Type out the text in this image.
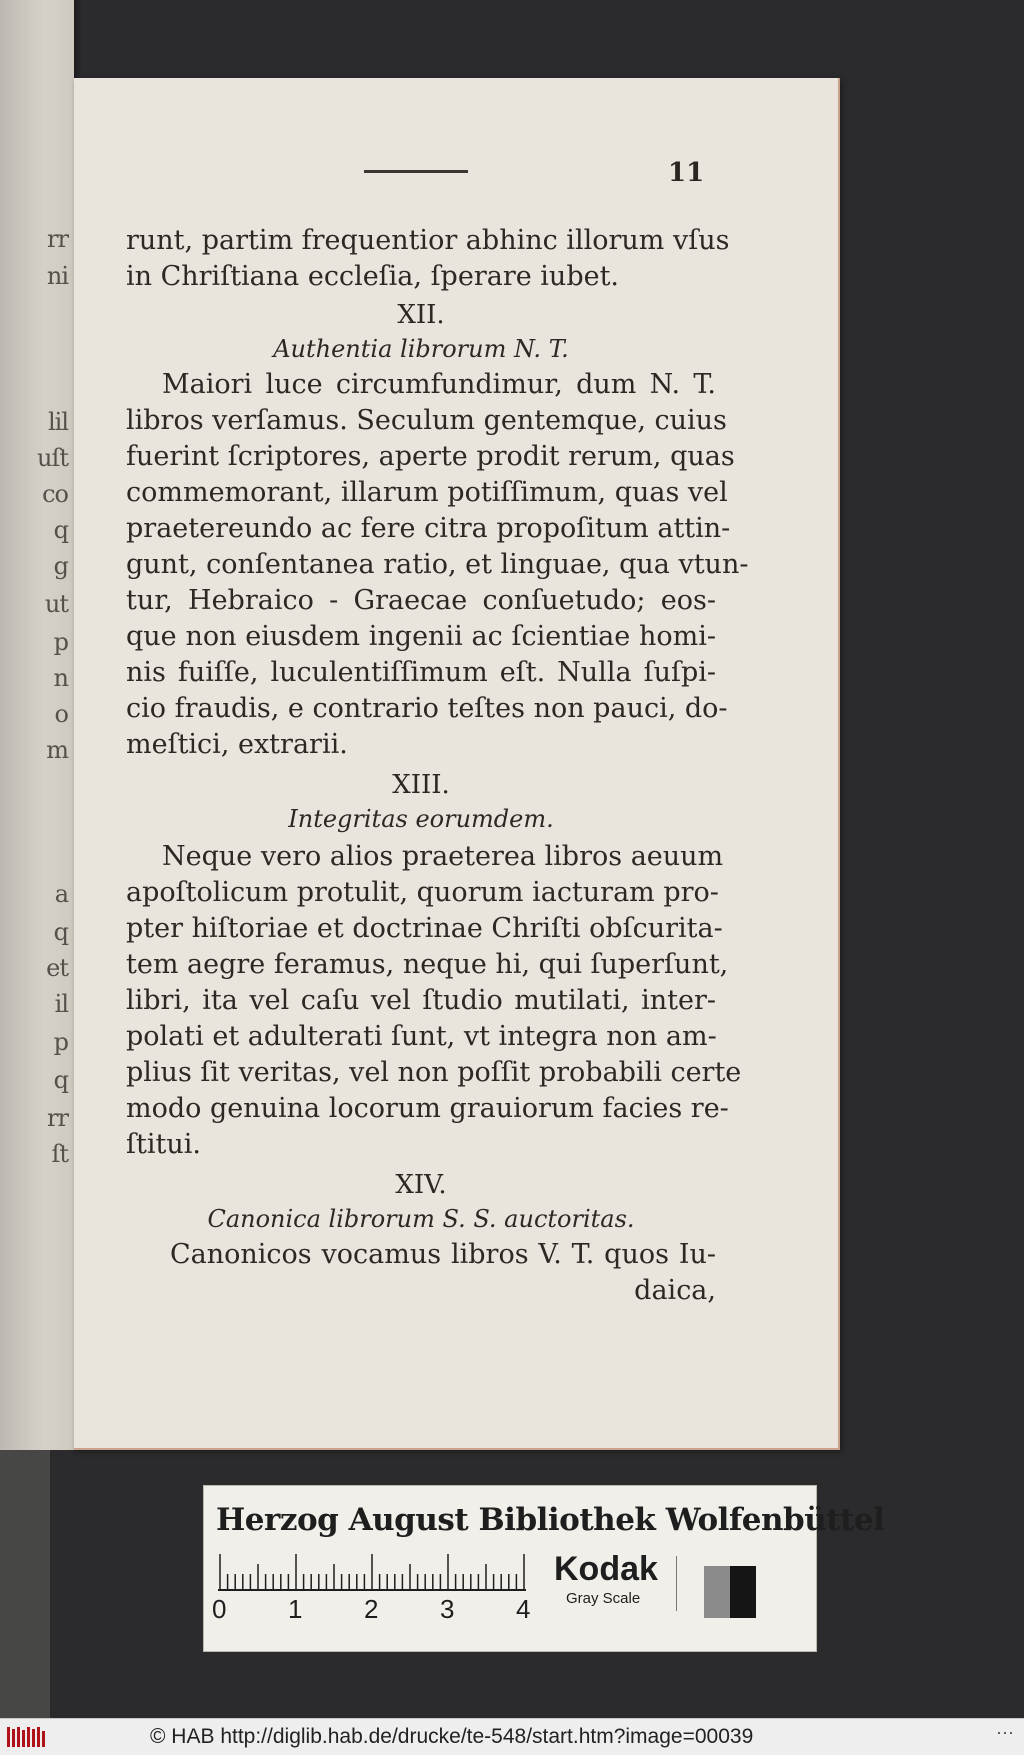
rr
ni
lil
uſt
co
q
g
ut
p
n
o
m
a
q
et
il
p
q
rr
ſt
11
runt, partim frequentior abhinc illorum vſus
in Chriſtiana eccleſia, ſperare iubet.
XII.
Authentia librorum N. T.
Maiori luce circumfundimur, dum N. T.
libros verſamus. Seculum gentemque, cuius
fuerint ſcriptores, aperte prodit rerum, quas
commemorant, illarum potiſſimum, quas vel
praetereundo ac fere citra propoſitum attin-
gunt, conſentanea ratio, et linguae, qua vtun-
tur, Hebraico - Graecae conſuetudo; eos-
que non eiusdem ingenii ac ſcientiae homi-
nis fuiſſe, luculentiſſimum eſt. Nulla ſuſpi-
cio fraudis, e contrario teſtes non pauci, do-
meſtici, extrarii.
XIII.
Integritas eorumdem.
Neque vero alios praeterea libros aeuum
apoſtolicum protulit, quorum iacturam pro-
pter hiſtoriae et doctrinae Chriſti obſcurita-
tem aegre feramus, neque hi, qui ſuperſunt,
libri, ita vel caſu vel ſtudio mutilati, inter-
polati et adulterati ſunt, vt integra non am-
plius ſit veritas, vel non poſſit probabili certe
modo genuina locorum grauiorum facies re-
ſtitui.
XIV.
Canonica librorum S. S. auctoritas.
Canonicos vocamus libros V. T. quos Iu-
daica,
Herzog August Bibliothek Wolfenbüttel
0 1 2 3 4
Kodak
Gray Scale
© HAB http://diglib.hab.de/drucke/te-548/start.htm?image=00039	⋯
